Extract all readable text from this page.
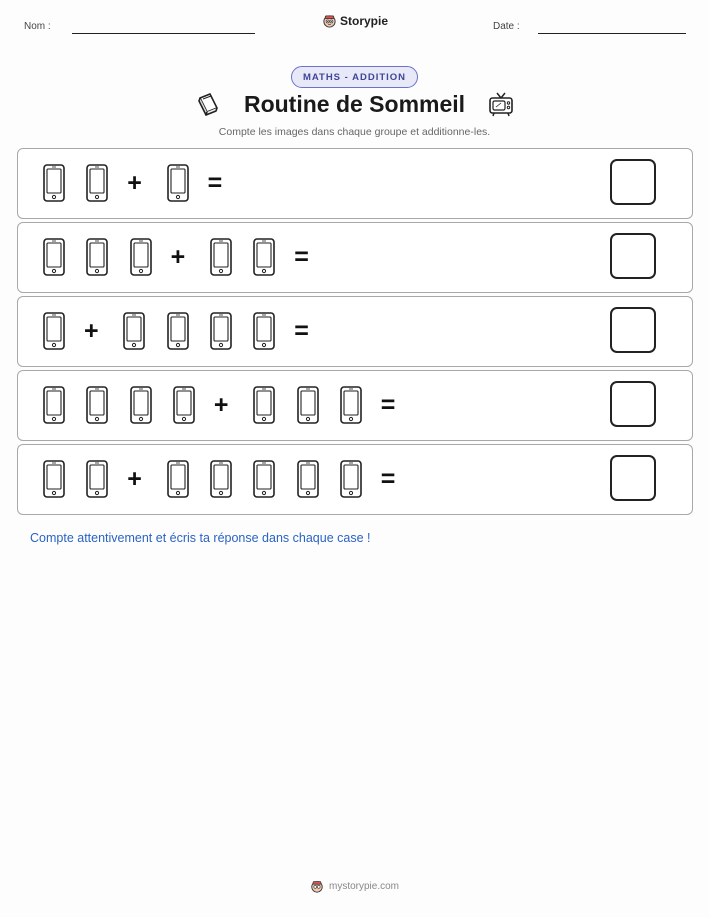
Nom :	Storypie	Date :
MATHS - ADDITION
Routine de Sommeil
Compte les images dans chaque groupe et additionne-les.
+	=
+	=
+	=
+	=
+	=
Compte attentivement et écris ta réponse dans chaque case !
mystorypie.com
